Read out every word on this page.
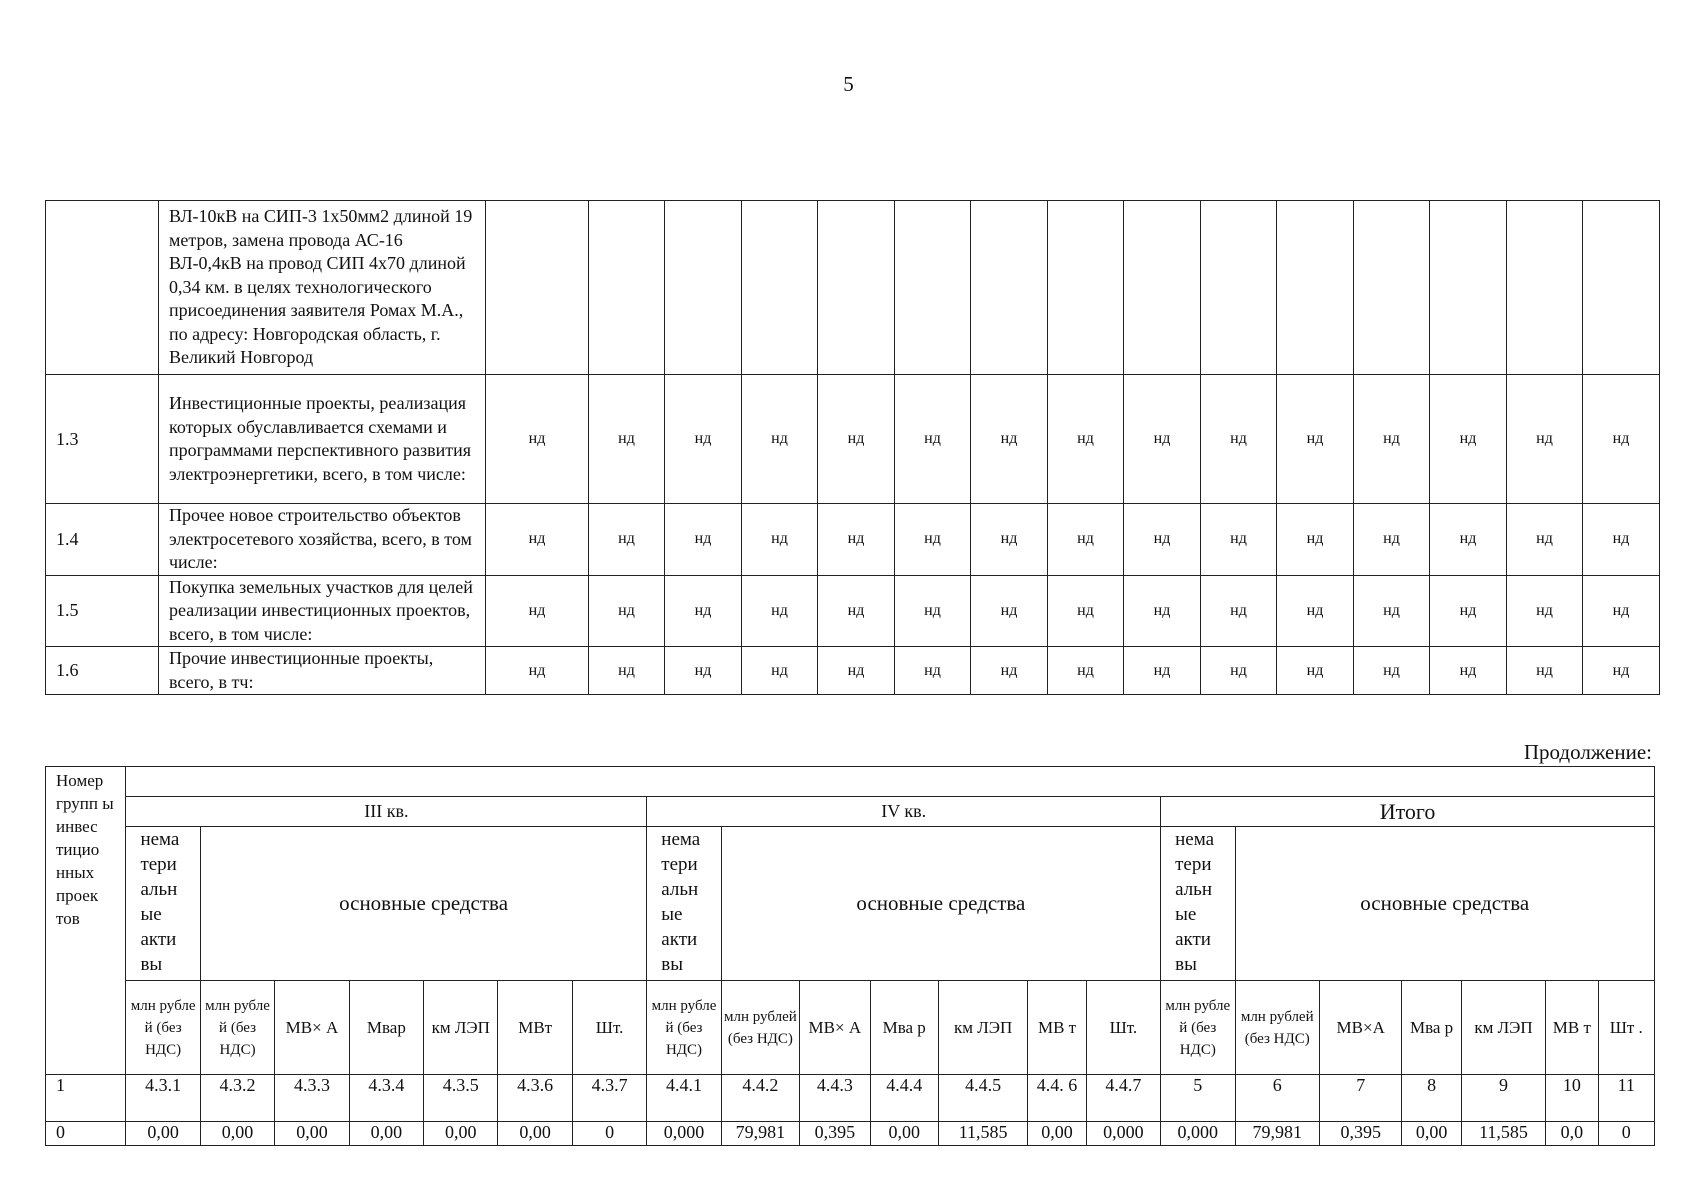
5
	ВЛ-10кВ на СИП-3 1х50мм2 длиной 19 метров, замена провода АС-16 ВЛ-0,4кВ на провод СИП 4х70 длиной 0,34 км. в целях технологического присоединения заявителя Ромах М.А., по адресу: Новгородская область, г. Великий Новгород															
1.3	Инвестиционные проекты, реализация которых обуславливается схемами и программами перспективного развития электроэнергетики, всего, в том числе:	нд	нд	нд	нд	нд	нд	нд	нд	нд	нд	нд	нд	нд	нд	нд
1.4	Прочее новое строительство объектов электросетевого хозяйства, всего, в том числе:	нд	нд	нд	нд	нд	нд	нд	нд	нд	нд	нд	нд	нд	нд	нд
1.5	Покупка земельных участков для целей реализации инвестиционных проектов, всего, в том числе:	нд	нд	нд	нд	нд	нд	нд	нд	нд	нд	нд	нд	нд	нд	нд
1.6	Прочие инвестиционные проекты, всего, в тч:	нд	нд	нд	нд	нд	нд	нд	нд	нд	нд	нд	нд	нд	нд	нд
Продолжение:
Номер групп ы инвес тицио нных проек тов																					
	III кв.							IV кв.							Итого						
	нема тери альн ые акти вы	основные средства						нема тери альн ые акти вы	основные средства						нема тери альн ые акти вы	основные средства					
	млн рубле й (без НДС)	млн рубле й (без НДС)	МВ× А	Мвар	км ЛЭП	МВт	Шт.	млн рубле й (без НДС)	млн рублей (без НДС)	МВ× А	Мва р	км ЛЭП	МВ т	Шт.	млн рубле й (без НДС)	млн рублей (без НДС)	МВ×А	Мва р	км ЛЭП	МВ т	Шт .
1	4.3.1	4.3.2	4.3.3	4.3.4	4.3.5	4.3.6	4.3.7	4.4.1	4.4.2	4.4.3	4.4.4	4.4.5	4.4. 6	4.4.7	5	6	7	8	9	10	11
0	0,00	0,00	0,00	0,00	0,00	0,00	0	0,000	79,981	0,395	0,00	11,585	0,00	0,000	0,000	79,981	0,395	0,00	11,585	0,0	0
